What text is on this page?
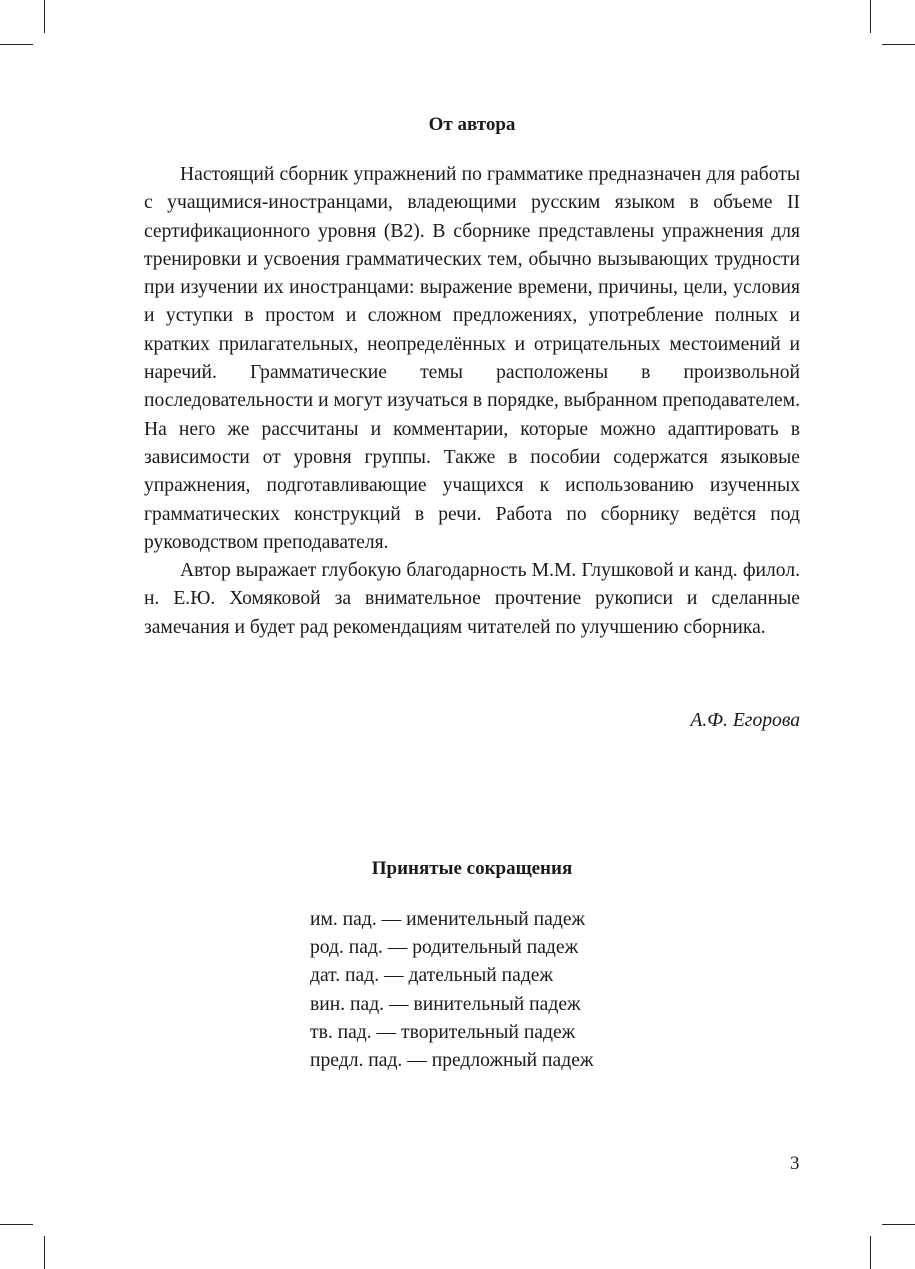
От автора

Настоящий сборник упражнений по грамматике предназначен для работы с учащимися-иностранцами, владеющими русским языком в объеме II сертификационного уровня (В2). В сборнике представлены упражнения для тренировки и усвоения грамматических тем, обычно вызывающих трудности при изучении их иностранцами: выражение времени, причины, цели, условия и уступки в простом и сложном предложениях, употребление полных и кратких прилагательных, неопределённых и отрицательных местоимений и наречий. Грамматические темы расположены в произвольной последовательности и могут изучаться в порядке, выбранном преподавателем. На него же рассчитаны и комментарии, которые можно адаптировать в зависимости от уровня группы. Также в пособии содержатся языковые упражнения, подготавливающие учащихся к использованию изученных грамматических конструкций в речи. Работа по сборнику ведётся под руководством преподавателя.

Автор выражает глубокую благодарность М.М. Глушковой и канд. филол. н. Е.Ю. Хомяковой за внимательное прочтение рукописи и сделанные замечания и будет рад рекомендациям читателей по улучшению сборника.

А.Ф. Егорова
Принятые сокращения
им. пад. — именительный падеж
род. пад. — родительный падеж
дат. пад. — дательный падеж
вин. пад. — винительный падеж
тв. пад. — творительный падеж
предл. пад. — предложный падеж
3
